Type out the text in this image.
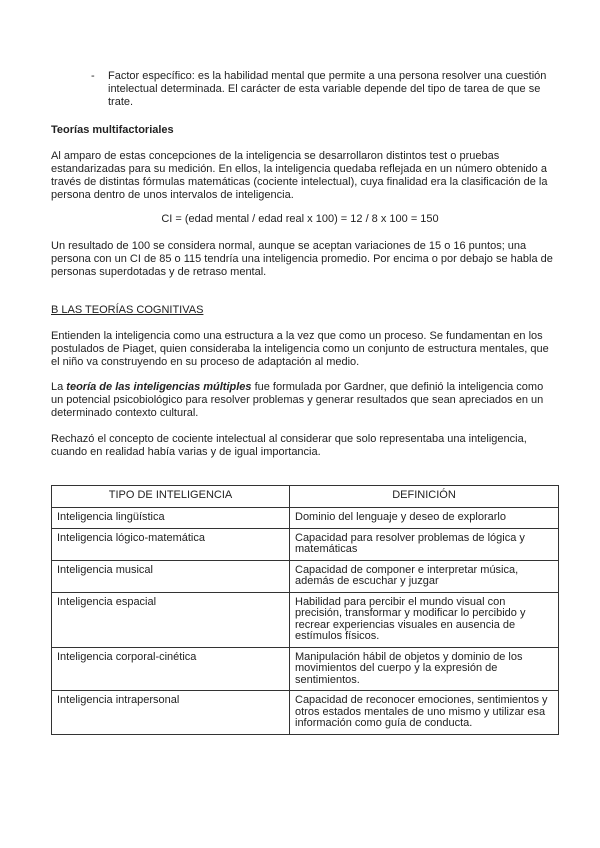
- Factor específico: es la habilidad mental que permite a una persona resolver una cuestión intelectual determinada. El carácter de esta variable depende del tipo de tarea de que se trate.
Teorías multifactoriales
Al amparo de estas concepciones de la inteligencia se desarrollaron distintos test o pruebas estandarizadas para su medición. En ellos, la inteligencia quedaba reflejada en un número obtenido a través de distintas fórmulas matemáticas (cociente intelectual), cuya finalidad era la clasificación de la persona dentro de unos intervalos de inteligencia.
CI = (edad mental / edad real x 100) = 12 / 8 x 100 = 150
Un resultado de 100 se considera normal, aunque se aceptan variaciones de 15 o 16 puntos; una persona con un CI de 85 o 115 tendría una inteligencia promedio. Por encima o por debajo se habla de personas superdotadas y de retraso mental.
B LAS TEORÍAS COGNITIVAS
Entienden la inteligencia como una estructura a la vez que como un proceso. Se fundamentan en los postulados de Piaget, quien consideraba la inteligencia como un conjunto de estructura mentales, que el niño va construyendo en su proceso de adaptación al medio.
La teoría de las inteligencias múltiples fue formulada por Gardner, que definió la inteligencia como un potencial psicobiológico para resolver problemas y generar resultados que sean apreciados en un determinado contexto cultural.
Rechazó el concepto de cociente intelectual al considerar que solo representaba una inteligencia, cuando en realidad había varias y de igual importancia.
TIPO DE INTELIGENCIA	DEFINICIÓN
Inteligencia lingüística	Dominio del lenguaje y deseo de explorarlo
Inteligencia lógico-matemática	Capacidad para resolver problemas de lógica y matemáticas
Inteligencia musical	Capacidad de componer e interpretar música, además de escuchar y juzgar
Inteligencia espacial	Habilidad para percibir el mundo visual con precisión, transformar y modificar lo percibido y recrear experiencias visuales en ausencia de estímulos físicos.
Inteligencia corporal-cinética	Manipulación hábil de objetos y dominio de los movimientos del cuerpo y la expresión de sentimientos.
Inteligencia intrapersonal	Capacidad de reconocer emociones, sentimientos y otros estados mentales de uno mismo y utilizar esa información como guía de conducta.
